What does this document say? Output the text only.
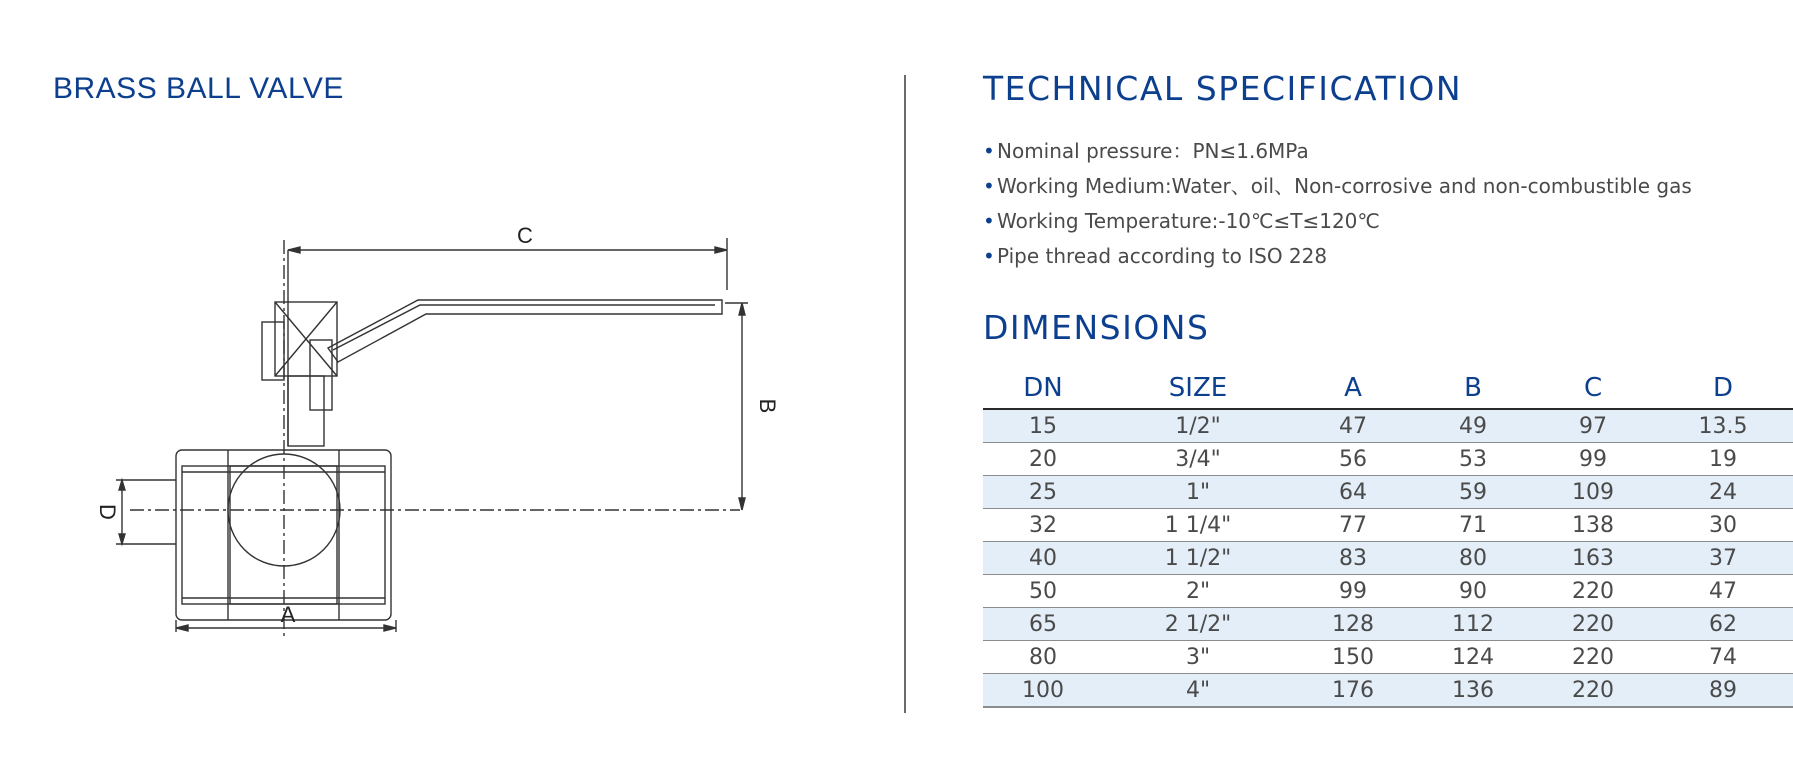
BRASS BALL VALVE
C
B
D
A
TECHNICAL SPECIFICATION
• Nominal pressure：PN≤1.6MPa
• Working Medium:Water、oil、Non-corrosive and non-combustible gas
• Working Temperature:-10℃≤T≤120℃
• Pipe thread according to ISO 228
DIMENSIONS
DN	SIZE	A	B	C	D
15	1/2"	47	49	97	13.5
20	3/4"	56	53	99	19
25	1"	64	59	109	24
32	1 1/4"	77	71	138	30
40	1 1/2"	83	80	163	37
50	2"	99	90	220	47
65	2 1/2"	128	112	220	62
80	3"	150	124	220	74
100	4"	176	136	220	89
